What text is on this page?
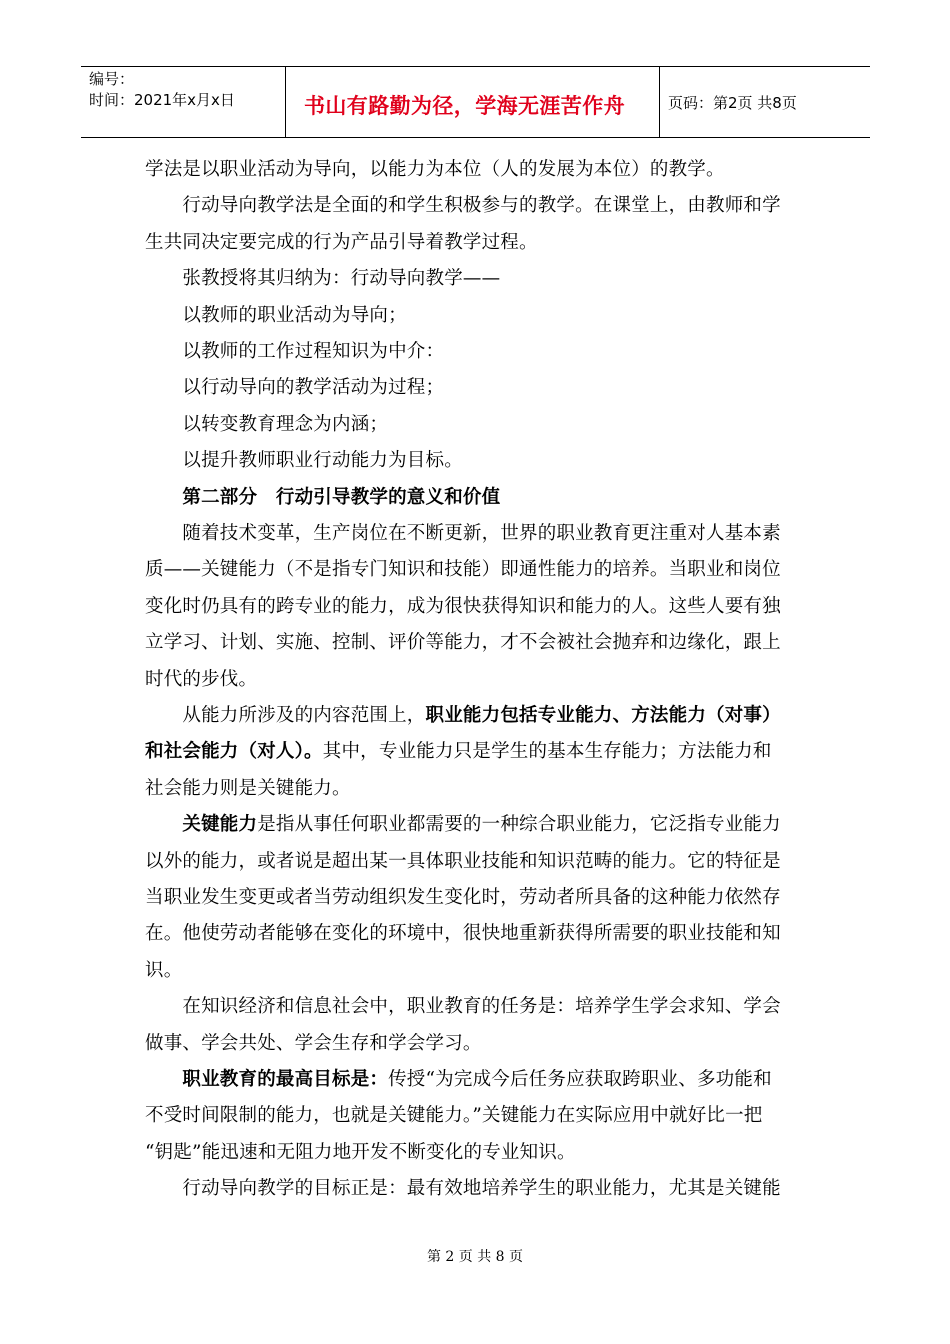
编号：
时间：2021年x月x日	书山有路勤为径，学海无涯苦作舟	页码：第2页 共8页
学法是以职业活动为导向，以能力为本位（人的发展为本位）的教学。
　　行动导向教学法是全面的和学生积极参与的教学。在课堂上，由教师和学
生共同决定要完成的行为产品引导着教学过程。
　　张教授将其归纳为：行动导向教学——
　　以教师的职业活动为导向；
　　以教师的工作过程知识为中介：
　　以行动导向的教学活动为过程；
　　以转变教育理念为内涵；
　　以提升教师职业行动能力为目标。
　　第二部分　行动引导教学的意义和价值
　　随着技术变革，生产岗位在不断更新，世界的职业教育更注重对人基本素
质——关键能力（不是指专门知识和技能）即通性能力的培养。当职业和岗位
变化时仍具有的跨专业的能力，成为很快获得知识和能力的人。这些人要有独
立学习、计划、实施、控制、评价等能力，才不会被社会抛弃和边缘化，跟上
时代的步伐。
　　从能力所涉及的内容范围上，职业能力包括专业能力、方法能力（对事）
和社会能力（对人）。其中，专业能力只是学生的基本生存能力；方法能力和
社会能力则是关键能力。
　　关键能力是指从事任何职业都需要的一种综合职业能力，它泛指专业能力
以外的能力，或者说是超出某一具体职业技能和知识范畴的能力。它的特征是
当职业发生变更或者当劳动组织发生变化时，劳动者所具备的这种能力依然存
在。他使劳动者能够在变化的环境中，很快地重新获得所需要的职业技能和知
识。
　　在知识经济和信息社会中，职业教育的任务是：培养学生学会求知、学会
做事、学会共处、学会生存和学会学习。
　　职业教育的最高目标是：传授“为完成今后任务应获取跨职业、多功能和
不受时间限制的能力，也就是关键能力。”关键能力在实际应用中就好比一把
“钥匙”能迅速和无阻力地开发不断变化的专业知识。
　　行动导向教学的目标正是：最有效地培养学生的职业能力，尤其是关键能
第 2 页 共 8 页
